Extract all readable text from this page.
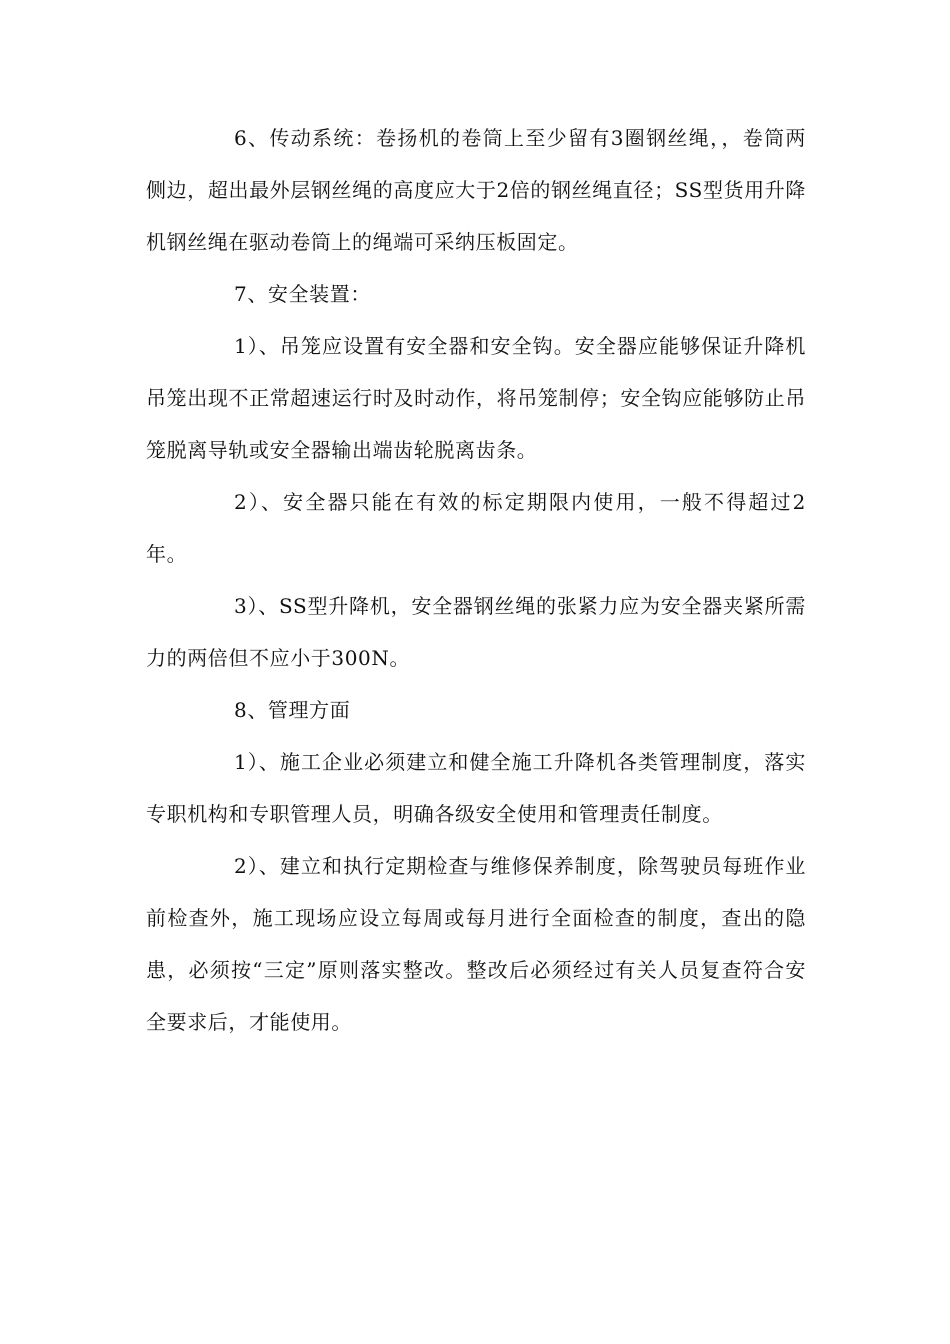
6、传动系统：卷扬机的卷筒上至少留有3圈钢丝绳，，卷筒两侧边，超出最外层钢丝绳的高度应大于2倍的钢丝绳直径；SS型货用升降机钢丝绳在驱动卷筒上的绳端可采纳压板固定。

7、安全装置：

1）、吊笼应设置有安全器和安全钩。安全器应能够保证升降机吊笼出现不正常超速运行时及时动作，将吊笼制停；安全钩应能够防止吊笼脱离导轨或安全器输出端齿轮脱离齿条。

2）、安全器只能在有效的标定期限内使用，一般不得超过2年。

3）、SS型升降机，安全器钢丝绳的张紧力应为安全器夹紧所需力的两倍但不应小于300N。

8、管理方面

1）、施工企业必须建立和健全施工升降机各类管理制度，落实专职机构和专职管理人员，明确各级安全使用和管理责任制度。

2）、建立和执行定期检查与维修保养制度，除驾驶员每班作业前检查外，施工现场应设立每周或每月进行全面检查的制度，查出的隐患，必须按“三定”原则落实整改。整改后必须经过有关人员复查符合安全要求后，才能使用。
